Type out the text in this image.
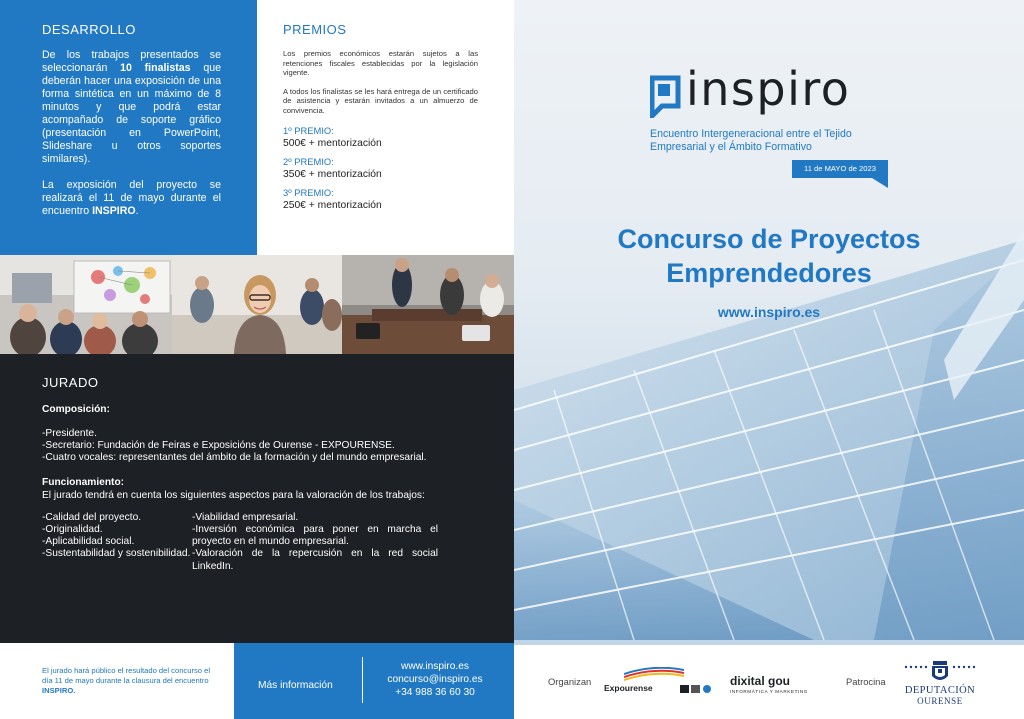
DESARROLLO

De los trabajos presentados se seleccionarán 10 finalistas que deberán hacer una exposición de una forma sintética en un máximo de 8 minutos y que podrá estar acompañado de soporte gráfico (presentación en PowerPoint, Slideshare u otros soportes similares).

La exposición del proyecto se realizará el 11 de mayo durante el encuentro INSPIRO.

PREMIOS

Los premios económicos estarán sujetos a las retenciones fiscales establecidas por la legislación vigente.

A todos los finalistas se les hará entrega de un certificado de asistencia y estarán invitados a un almuerzo de convivencia.

1º PREMIO:
500€ + mentorización
2º PREMIO:
350€ + mentorización
3º PREMIO:
250€ + mentorización
JURADO
Composición:
-Presidente.
-Secretario: Fundación de Feiras e Exposicións de Ourense - EXPOURENSE.
-Cuatro vocales: representantes del ámbito de la formación y del mundo empresarial.
Funcionamiento:
El jurado tendrá en cuenta los siguientes aspectos para la valoración de los trabajos:
-Calidad del proyecto.
-Originalidad.
-Aplicabilidad social.
-Sustentabilidad y sostenibilidad.
-Viabilidad empresarial.
-Inversión económica para poner en marcha el proyecto en el mundo empresarial.
-Valoración de la repercusión en la red social LinkedIn.
El jurado hará público el resultado del concurso el día 11 de mayo durante la clausura del encuentro INSPIRO.	Más información
www.inspiro.es
concurso@inspiro.es
+34 988 36 60 30
inspiro
Encuentro Intergeneracional entre el Tejido Empresarial y el Ámbito Formativo
11 de MAYO de 2023
Concurso de Proyectos
Emprendedores
www.inspiro.es
Organizan
Expourense	dixital gou
INFORMÁTICA Y MARKETING
Patrocina
DEPUTACIÓN
OURENSE
